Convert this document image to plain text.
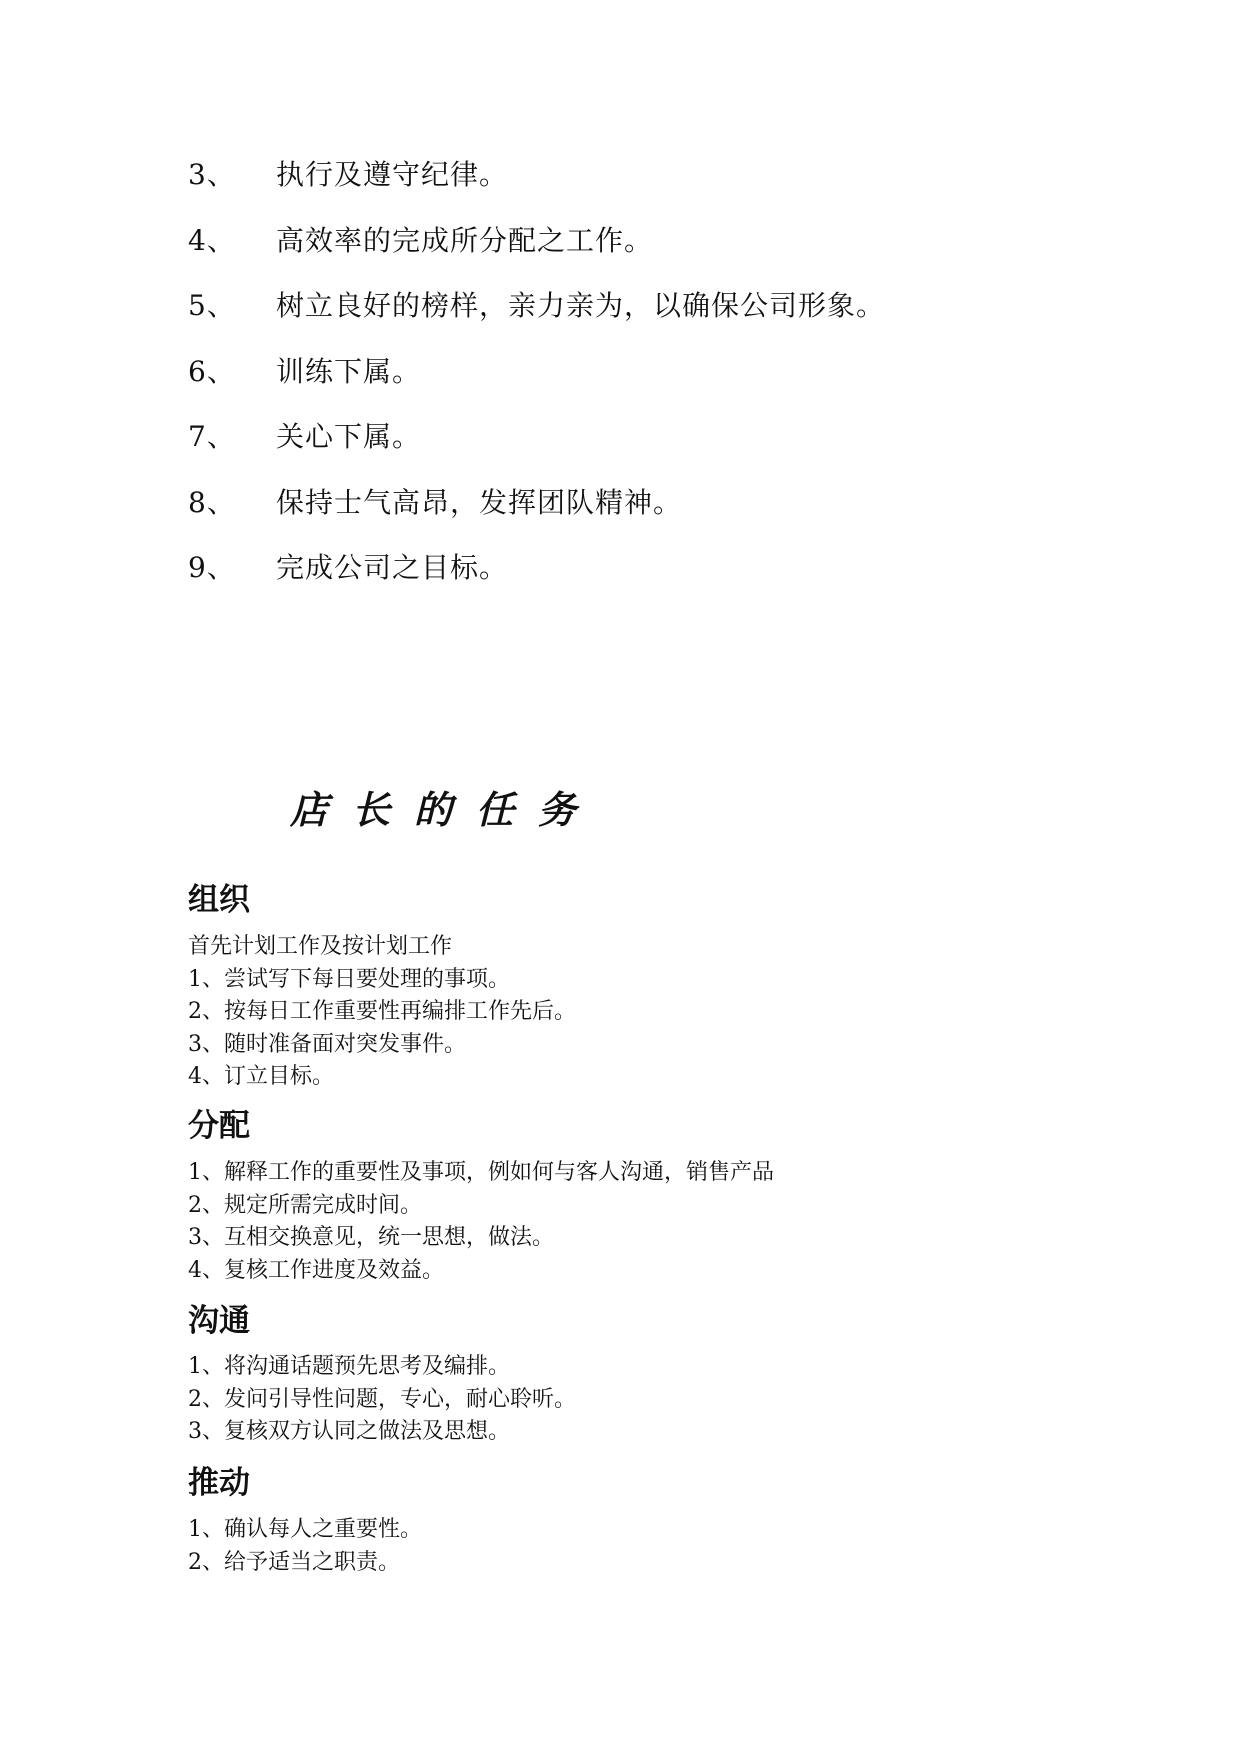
3、	执行及遵守纪律。
4、	高效率的完成所分配之工作。
5、	树立良好的榜样，亲力亲为，以确保公司形象。
6、	训练下属。
7、	关心下属。
8、	保持士气高昂，发挥团队精神。
9、	完成公司之目标。
店长的任务
组织
首先计划工作及按计划工作
1、尝试写下每日要处理的事项。
2、按每日工作重要性再编排工作先后。
3、随时准备面对突发事件。
4、订立目标。
分配
1、解释工作的重要性及事项，例如何与客人沟通，销售产品
2、规定所需完成时间。
3、互相交换意见，统一思想，做法。
4、复核工作进度及效益。
沟通
1、将沟通话题预先思考及编排。
2、发问引导性问题，专心，耐心聆听。
3、复核双方认同之做法及思想。
推动
1、确认每人之重要性。
2、给予适当之职责。
